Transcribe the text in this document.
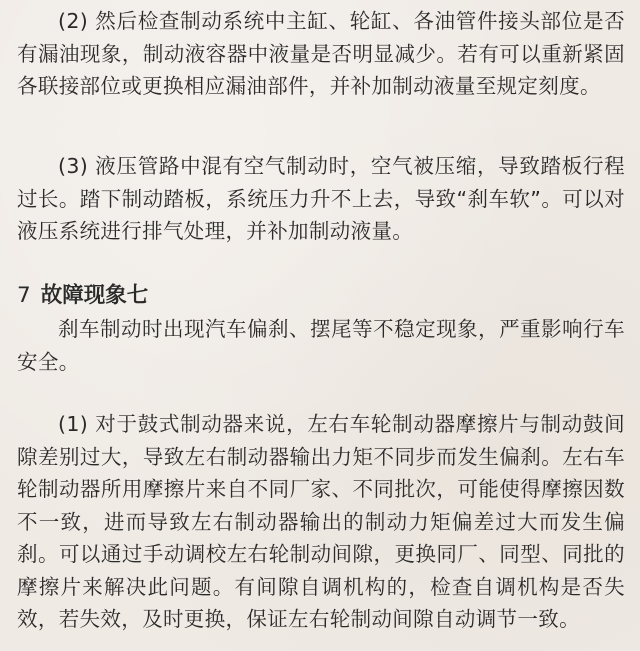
(2) 然后检查制动系统中主缸、轮缸、各油管件接头部位是否有漏油现象，制动液容器中液量是否明显减少。若有可以重新紧固各联接部位或更换相应漏油部件，并补加制动液量至规定刻度。

(3) 液压管路中混有空气制动时，空气被压缩，导致踏板行程过长。踏下制动踏板，系统压力升不上去，导致“刹车软”。可以对液压系统进行排气处理，并补加制动液量。

7 故障现象七

刹车制动时出现汽车偏刹、摆尾等不稳定现象，严重影响行车安全。

(1) 对于鼓式制动器来说，左右车轮制动器摩擦片与制动鼓间隙差别过大，导致左右制动器输出力矩不同步而发生偏刹。左右车轮制动器所用摩擦片来自不同厂家、不同批次，可能使得摩擦因数不一致，进而导致左右制动器输出的制动力矩偏差过大而发生偏刹。可以通过手动调校左右轮制动间隙，更换同厂、同型、同批的摩擦片来解决此问题。有间隙自调机构的，检查自调机构是否失效，若失效，及时更换，保证左右轮制动间隙自动调节一致。
